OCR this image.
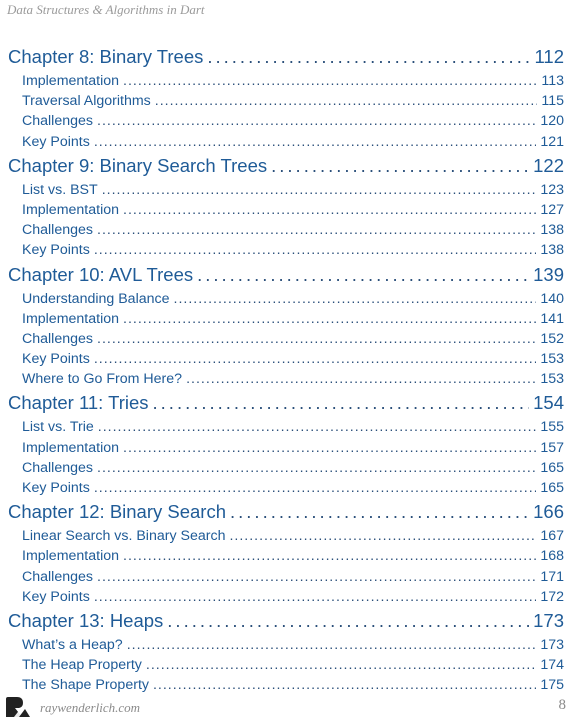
Data Structures & Algorithms in Dart
Chapter 8: Binary Trees .....	112
Implementation .....	113
Traversal Algorithms .....	115
Challenges .....	120
Key Points .....	121
Chapter 9: Binary Search Trees .....	122
List vs. BST .....	123
Implementation .....	127
Challenges .....	138
Key Points .....	138
Chapter 10: AVL Trees .....	139
Understanding Balance .....	140
Implementation .....	141
Challenges .....	152
Key Points .....	153
Where to Go From Here? .....	153
Chapter 11: Tries .....	154
List vs. Trie .....	155
Implementation .....	157
Challenges .....	165
Key Points .....	165
Chapter 12: Binary Search .....	166
Linear Search vs. Binary Search .....	167
Implementation .....	168
Challenges .....	171
Key Points .....	172
Chapter 13: Heaps .....	173
What’s a Heap? .....	173
The Heap Property .....	174
The Shape Property .....	175
raywenderlich.com	8
